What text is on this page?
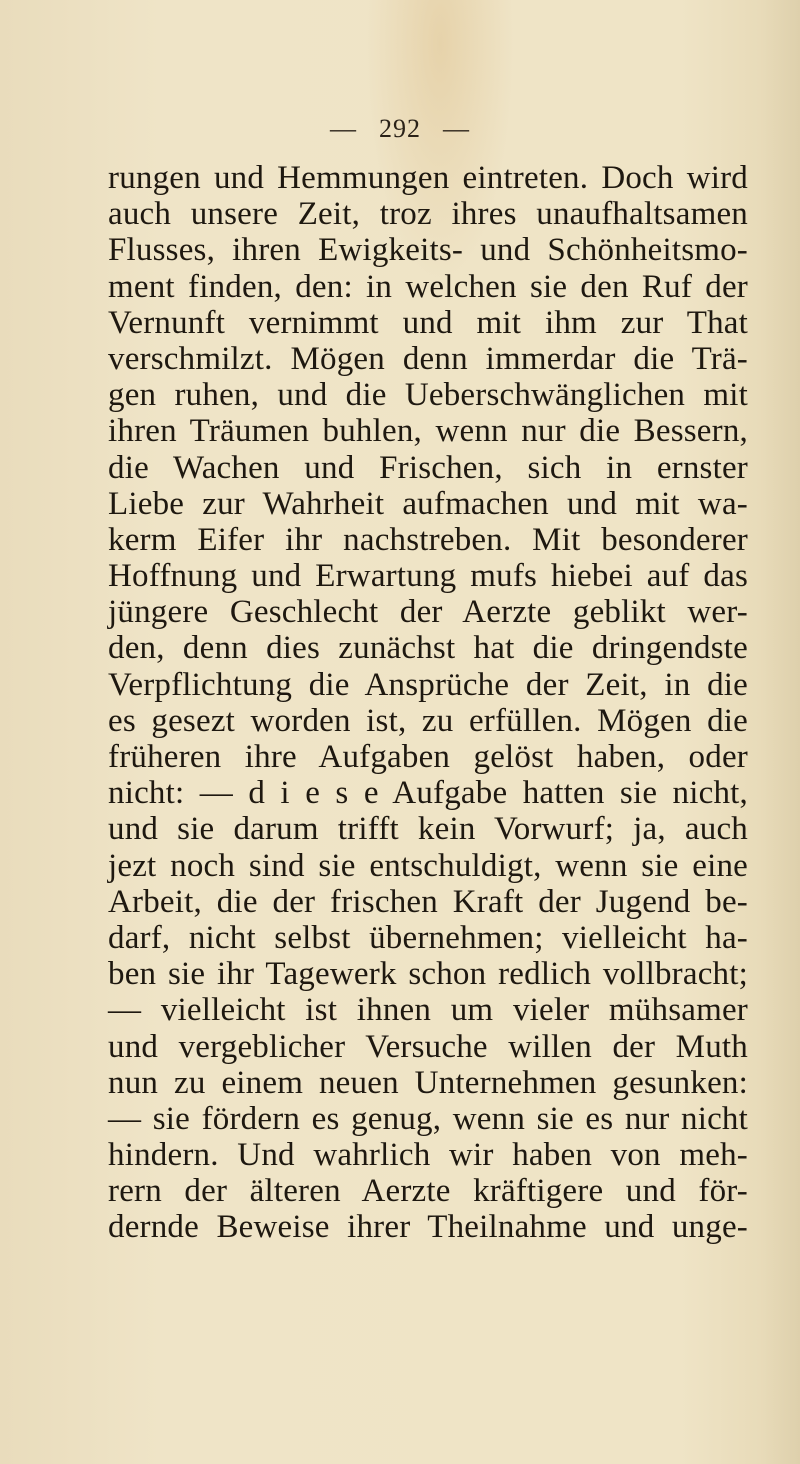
— 292 —
rungen und Hemmungen eintreten. Doch wird
auch unsere Zeit, troz ihres unaufhaltsamen
Flusses, ihren Ewigkeits- und Schönheitsmo-
ment finden, den: in welchen sie den Ruf der
Vernunft vernimmt und mit ihm zur That
verschmilzt. Mögen denn immerdar die Trä-
gen ruhen, und die Ueberschwänglichen mit
ihren Träumen buhlen, wenn nur die Bessern,
die Wachen und Frischen, sich in ernster
Liebe zur Wahrheit aufmachen und mit wa-
kerm Eifer ihr nachstreben. Mit besonderer
Hoffnung und Erwartung mufs hiebei auf das
jüngere Geschlecht der Aerzte geblikt wer-
den, denn dies zunächst hat die dringendste
Verpflichtung die Ansprüche der Zeit, in die
es gesezt worden ist, zu erfüllen. Mögen die
früheren ihre Aufgaben gelöst haben, oder
nicht: — d i e s e Aufgabe hatten sie nicht,
und sie darum trifft kein Vorwurf; ja, auch
jezt noch sind sie entschuldigt, wenn sie eine
Arbeit, die der frischen Kraft der Jugend be-
darf, nicht selbst übernehmen; vielleicht ha-
ben sie ihr Tagewerk schon redlich vollbracht;
— vielleicht ist ihnen um vieler mühsamer
und vergeblicher Versuche willen der Muth
nun zu einem neuen Unternehmen gesunken:
— sie fördern es genug, wenn sie es nur nicht
hindern. Und wahrlich wir haben von meh-
rern der älteren Aerzte kräftigere und för-
dernde Beweise ihrer Theilnahme und unge-
